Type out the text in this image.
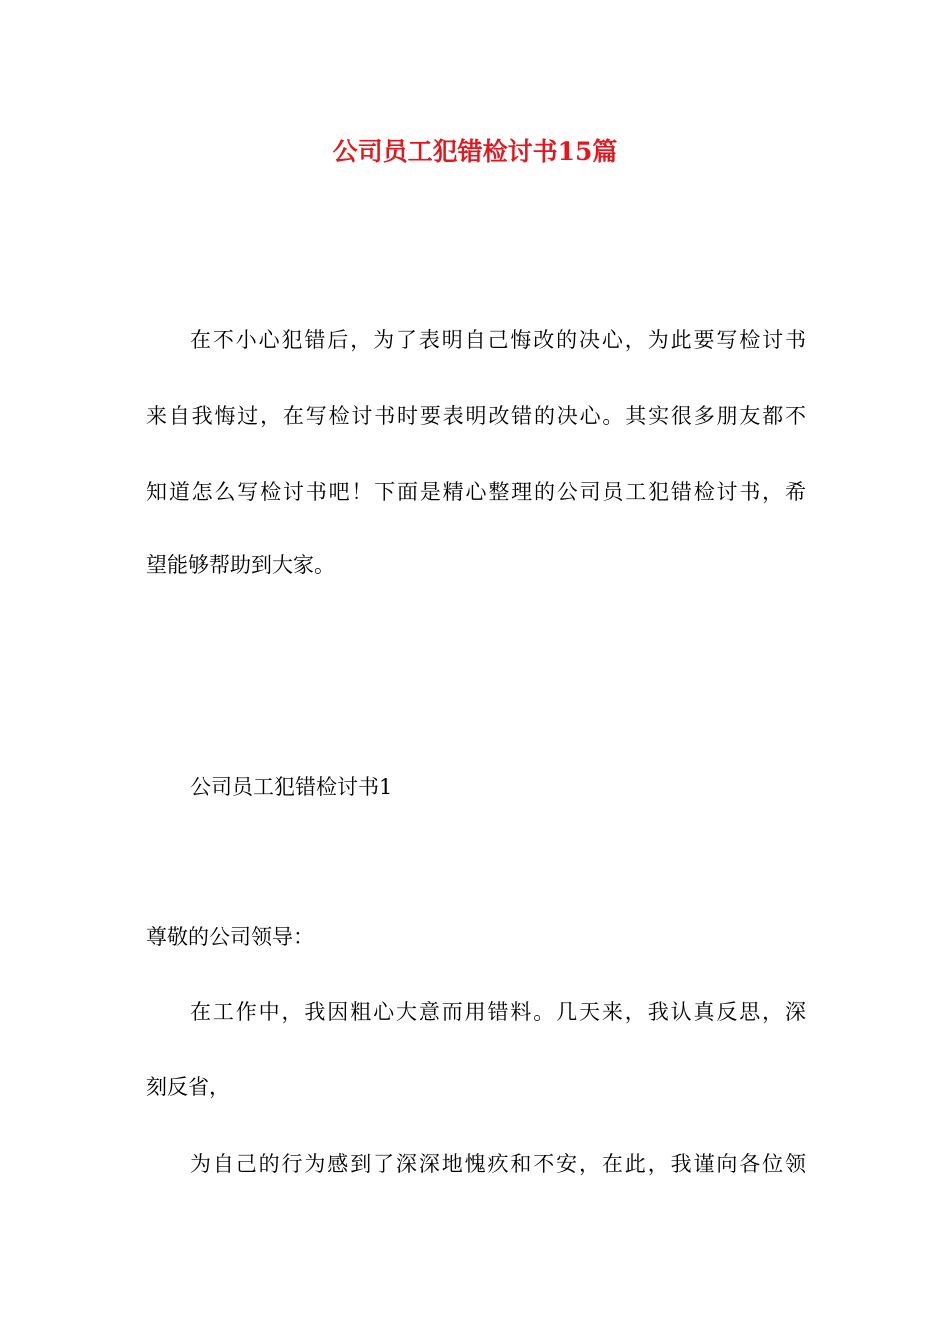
公司员工犯错检讨书15篇
在不小心犯错后，为了表明自己悔改的决心，为此要写检讨书
来自我悔过，在写检讨书时要表明改错的决心。其实很多朋友都不
知道怎么写检讨书吧！下面是精心整理的公司员工犯错检讨书，希
望能够帮助到大家。
公司员工犯错检讨书1
尊敬的公司领导：
在工作中，我因粗心大意而用错料。几天来，我认真反思，深
刻反省，
为自己的行为感到了深深地愧疚和不安，在此，我谨向各位领
